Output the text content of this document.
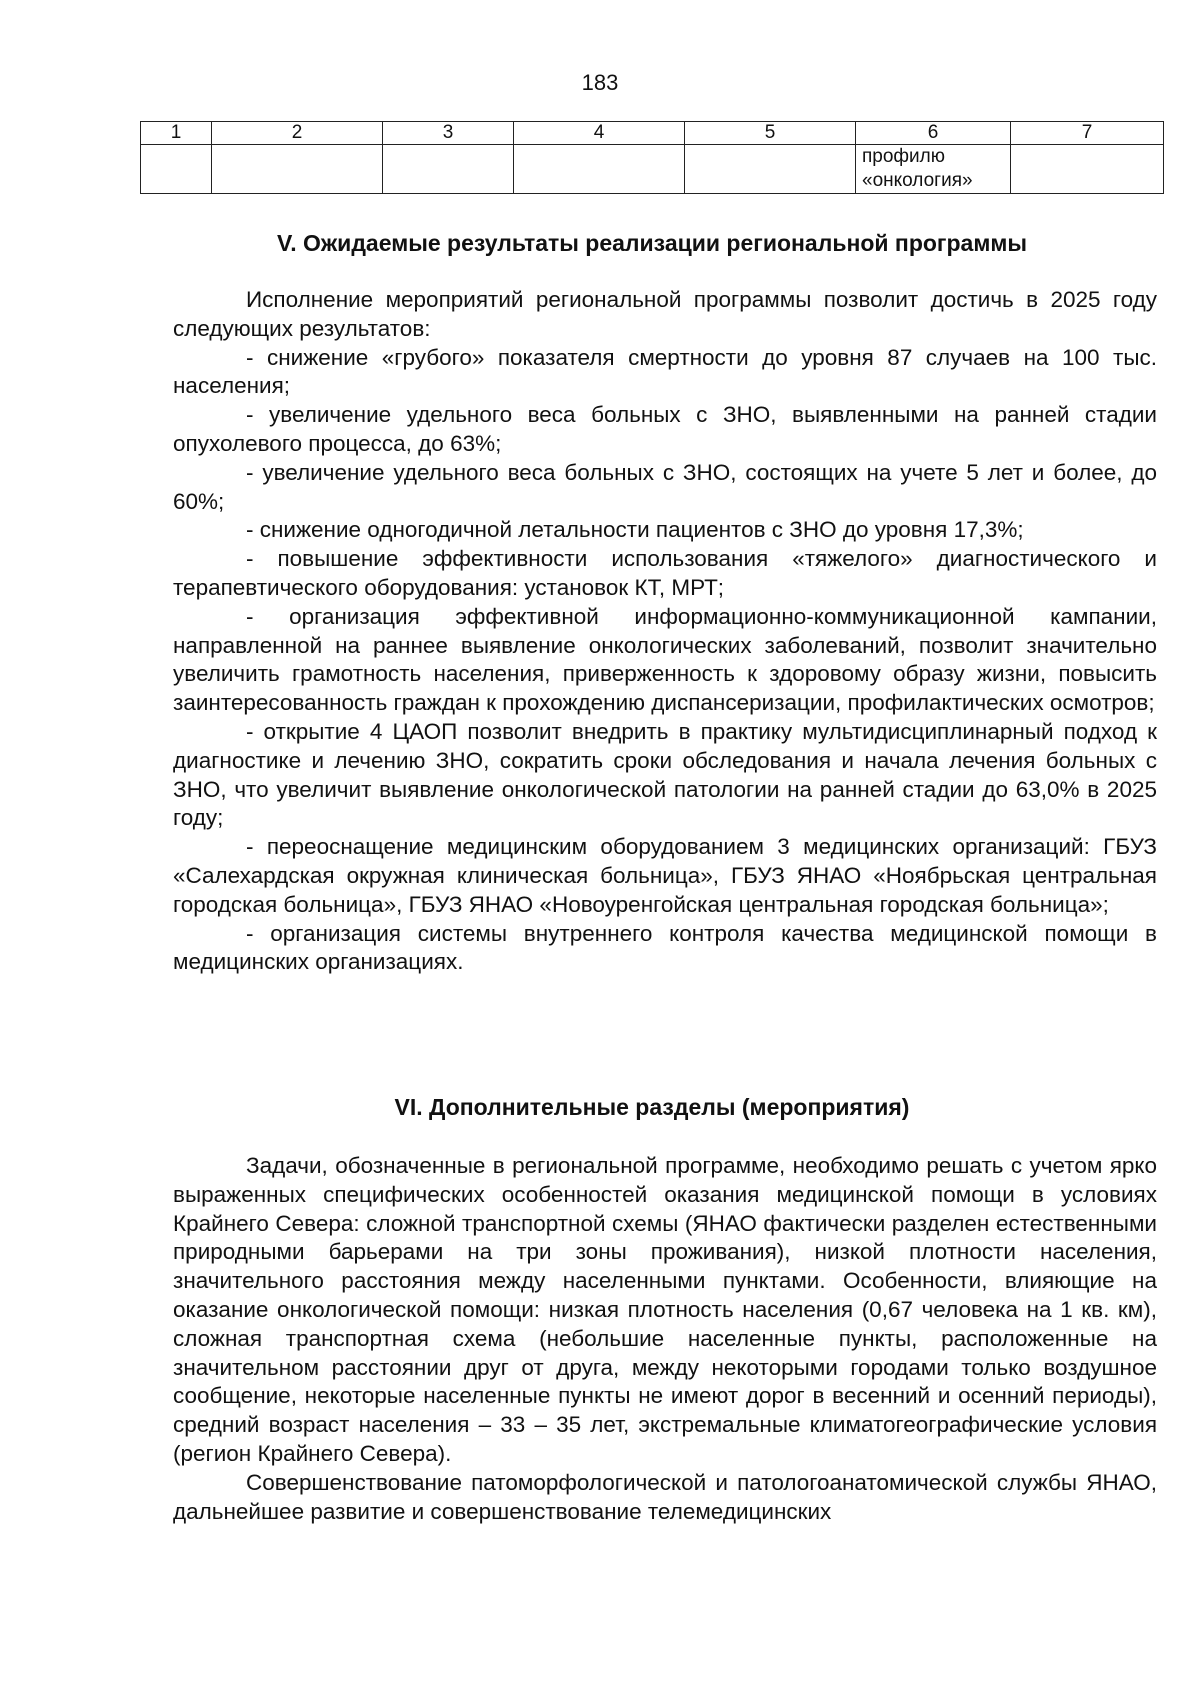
183
1	2	3	4	5	6	7
					профилю «онкология»	
V. Ожидаемые результаты реализации региональной программы

Исполнение мероприятий региональной программы позволит достичь в 2025 году следующих результатов:

- снижение «грубого» показателя смертности до уровня 87 случаев на 100 тыс. населения;

- увеличение удельного веса больных с ЗНО, выявленными на ранней стадии опухолевого процесса, до 63%;

- увеличение удельного веса больных с ЗНО, состоящих на учете 5 лет и более, до 60%;

- снижение одногодичной летальности пациентов с ЗНО до уровня 17,3%;

- повышение эффективности использования «тяжелого» диагностического и терапевтического оборудования: установок КТ, МРТ;

- организация эффективной информационно-коммуникационной кампании, направленной на раннее выявление онкологических заболеваний, позволит значительно увеличить грамотность населения, приверженность к здоровому образу жизни, повысить заинтересованность граждан к прохождению диспансеризации, профилактических осмотров;

- открытие 4 ЦАОП позволит внедрить в практику мультидисциплинарный подход к диагностике и лечению ЗНО, сократить сроки обследования и начала лечения больных с ЗНО, что увеличит выявление онкологической патологии на ранней стадии до 63,0% в 2025 году;

- переоснащение медицинским оборудованием 3 медицинских организаций: ГБУЗ «Салехардская окружная клиническая больница», ГБУЗ ЯНАО «Ноябрьская центральная городская больница», ГБУЗ ЯНАО «Новоуренгойская центральная городская больница»;

- организация системы внутреннего контроля качества медицинской помощи в медицинских организациях.

VI. Дополнительные разделы (мероприятия)

Задачи, обозначенные в региональной программе, необходимо решать с учетом ярко выраженных специфических особенностей оказания медицинской помощи в условиях Крайнего Севера: сложной транспортной схемы (ЯНАО фактически разделен естественными природными барьерами на три зоны проживания), низкой плотности населения, значительного расстояния между населенными пунктами. Особенности, влияющие на оказание онкологической помощи: низкая плотность населения (0,67 человека на 1 кв. км), сложная транспортная схема (небольшие населенные пункты, расположенные на значительном расстоянии друг от друга, между некоторыми городами только воздушное сообщение, некоторые населенные пункты не имеют дорог в весенний и осенний периоды), средний возраст населения – 33 – 35 лет, экстремальные климатогеографические условия (регион Крайнего Севера).

Совершенствование патоморфологической и патологоанатомической службы ЯНАО, дальнейшее развитие и совершенствование телемедицинских
